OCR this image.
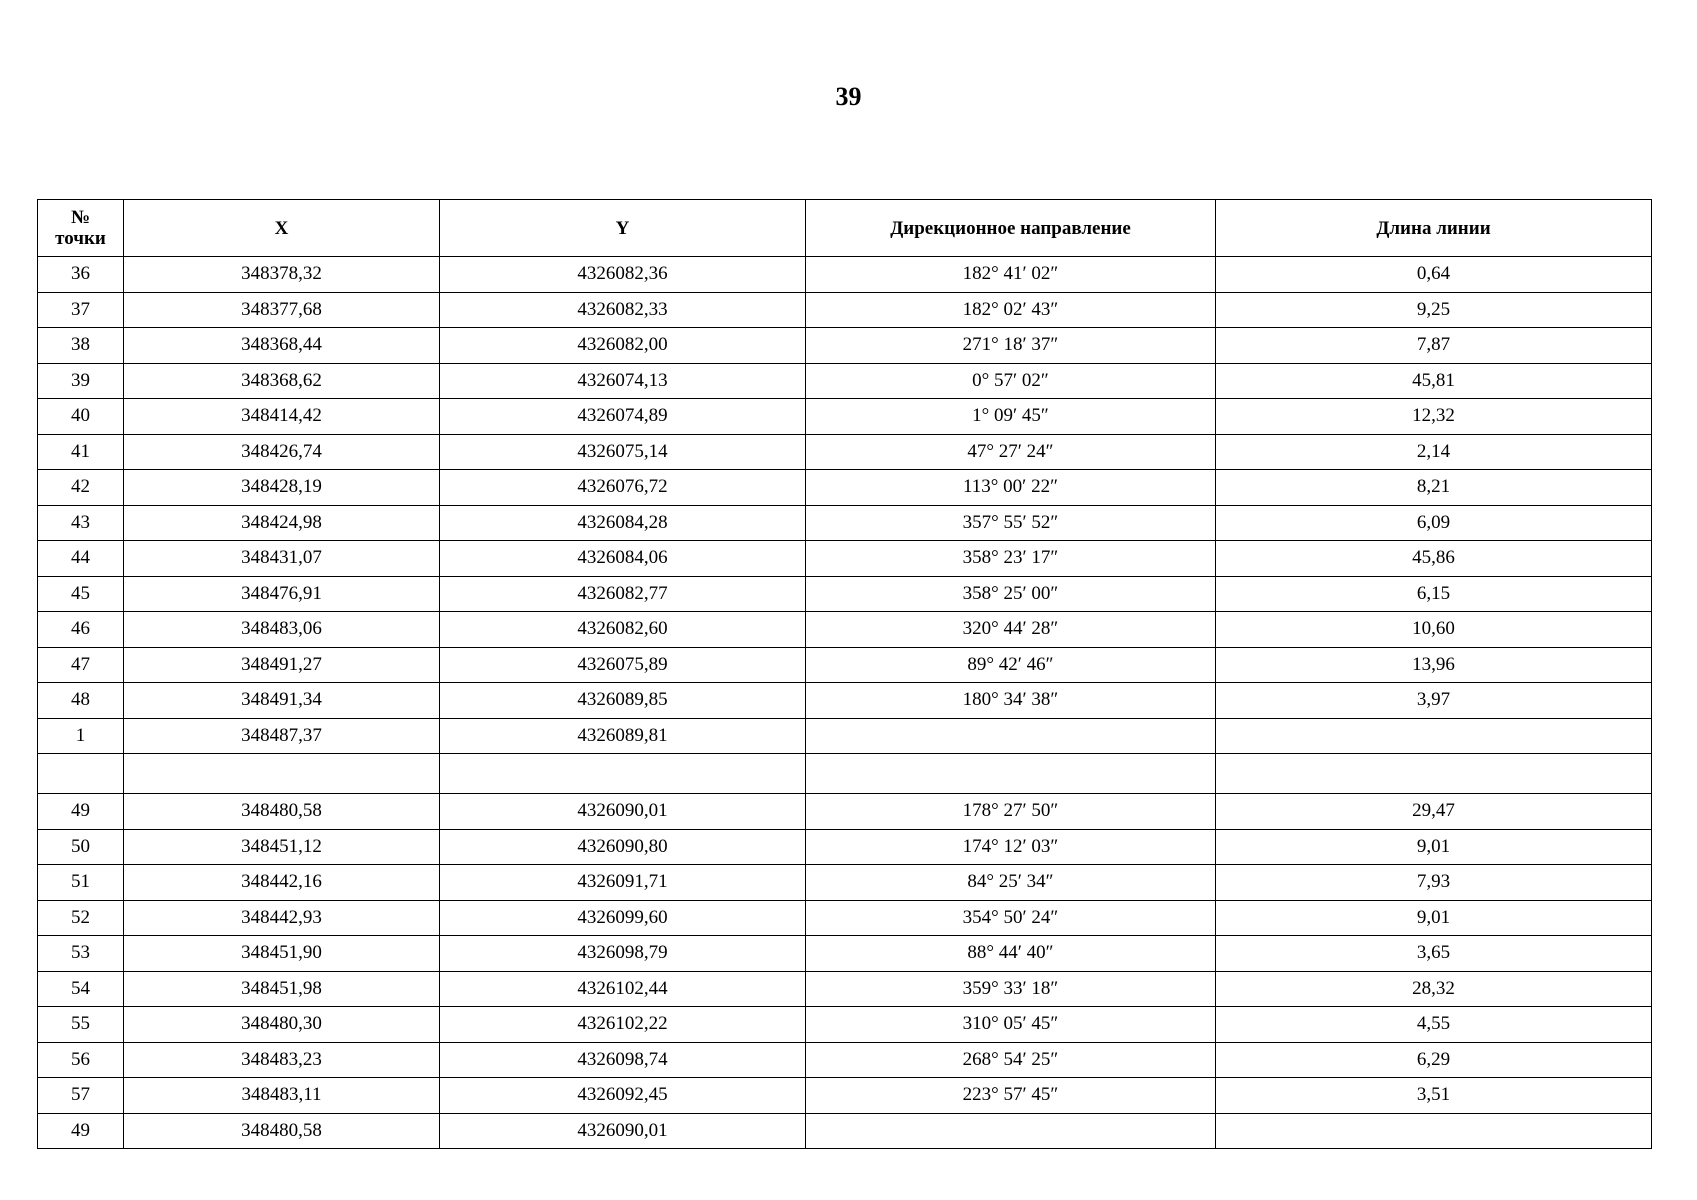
39
№
точки	X	Y	Дирекционное направление	Длина линии
36	348378,32	4326082,36	182° 41′ 02″	0,64
37	348377,68	4326082,33	182° 02′ 43″	9,25
38	348368,44	4326082,00	271° 18′ 37″	7,87
39	348368,62	4326074,13	0° 57′ 02″	45,81
40	348414,42	4326074,89	1° 09′ 45″	12,32
41	348426,74	4326075,14	47° 27′ 24″	2,14
42	348428,19	4326076,72	113° 00′ 22″	8,21
43	348424,98	4326084,28	357° 55′ 52″	6,09
44	348431,07	4326084,06	358° 23′ 17″	45,86
45	348476,91	4326082,77	358° 25′ 00″	6,15
46	348483,06	4326082,60	320° 44′ 28″	10,60
47	348491,27	4326075,89	89° 42′ 46″	13,96
48	348491,34	4326089,85	180° 34′ 38″	3,97
1	348487,37	4326089,81		

49	348480,58	4326090,01	178° 27′ 50″	29,47
50	348451,12	4326090,80	174° 12′ 03″	9,01
51	348442,16	4326091,71	84° 25′ 34″	7,93
52	348442,93	4326099,60	354° 50′ 24″	9,01
53	348451,90	4326098,79	88° 44′ 40″	3,65
54	348451,98	4326102,44	359° 33′ 18″	28,32
55	348480,30	4326102,22	310° 05′ 45″	4,55
56	348483,23	4326098,74	268° 54′ 25″	6,29
57	348483,11	4326092,45	223° 57′ 45″	3,51
49	348480,58	4326090,01		
